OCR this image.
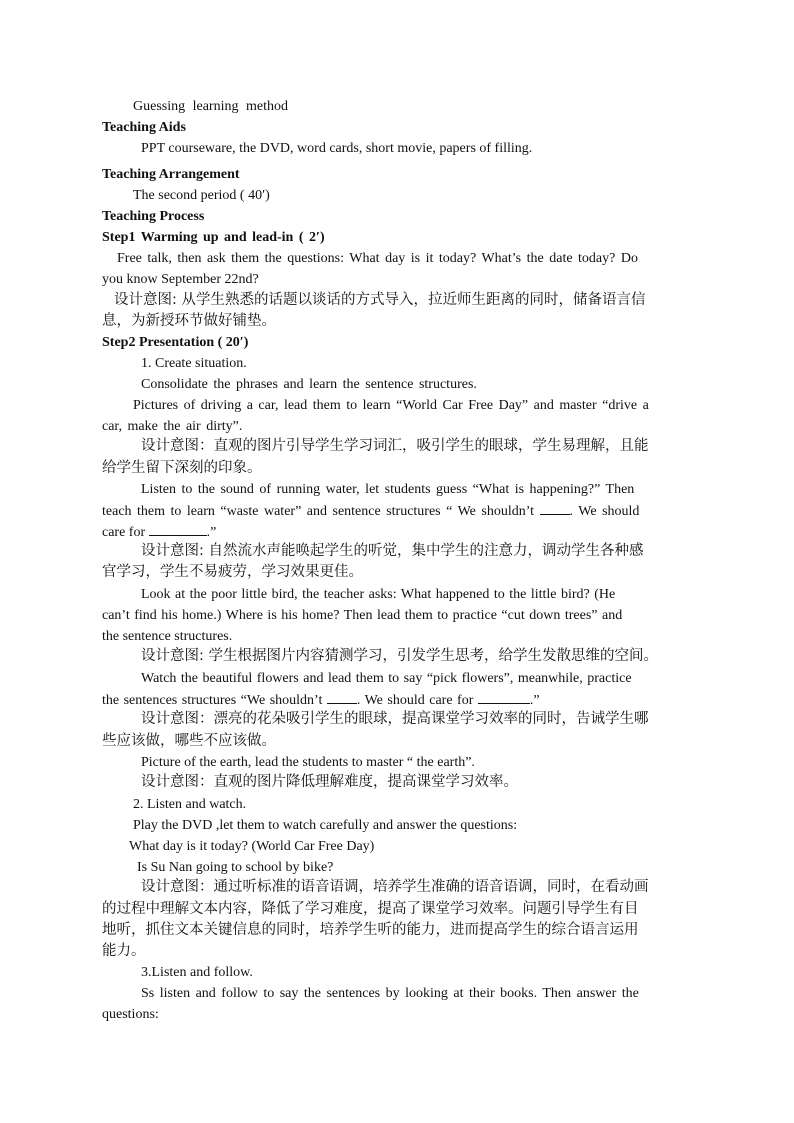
Guessing learning method
Teaching Aids
PPT courseware, the DVD, word cards, short movie, papers of filling.
Teaching Arrangement
The second period ( 40′)
Teaching Process
Step1 Warming up and lead-in ( 2′)
Free talk, then ask them the questions: What day is it today? What’s the date today? Do
you know September 22nd?
设计意图: 从学生熟悉的话题以谈话的方式导入，拉近师生距离的同时，储备语言信
息，为新授环节做好铺垫。
Step2 Presentation ( 20′)
1. Create situation.
Consolidate the phrases and learn the sentence structures.
Pictures of driving a car, lead them to learn “World Car Free Day” and master “drive a
car, make the air dirty”.
设计意图：直观的图片引导学生学习词汇，吸引学生的眼球，学生易理解，且能
给学生留下深刻的印象。
Listen to the sound of running water, let students guess “What is happening?” Then
teach them to learn “waste water” and sentence structures “ We shouldn’t	. We should
care for	.”
设计意图: 自然流水声能唤起学生的听觉，集中学生的注意力，调动学生各种感
官学习，学生不易疲劳，学习效果更佳。
Look at the poor little bird, the teacher asks: What happened to the little bird? (He
can’t find his home.) Where is his home? Then lead them to practice “cut down trees” and
the sentence structures.
设计意图: 学生根据图片内容猜测学习，引发学生思考，给学生发散思维的空间。
Watch the beautiful flowers and lead them to say “pick flowers”, meanwhile, practice
the sentences structures “We shouldn’t . We should care for	.”
设计意图：漂亮的花朵吸引学生的眼球，提高课堂学习效率的同时，告诫学生哪
些应该做，哪些不应该做。
Picture of the earth, lead the students to master “ the earth”.
设计意图：直观的图片降低理解难度，提高课堂学习效率。
2. Listen and watch.
Play the DVD ,let them to watch carefully and answer the questions:
What day is it today? (World Car Free Day)
Is Su Nan going to school by bike?
设计意图：通过听标准的语音语调，培养学生准确的语音语调，同时，在看动画
的过程中理解文本内容，降低了学习难度，提高了课堂学习效率。问题引导学生有目
地听，抓住文本关键信息的同时，培养学生听的能力，进而提高学生的综合语言运用
能力。
3.Listen and follow.
Ss listen and follow to say the sentences by looking at their books. Then answer the
questions:
